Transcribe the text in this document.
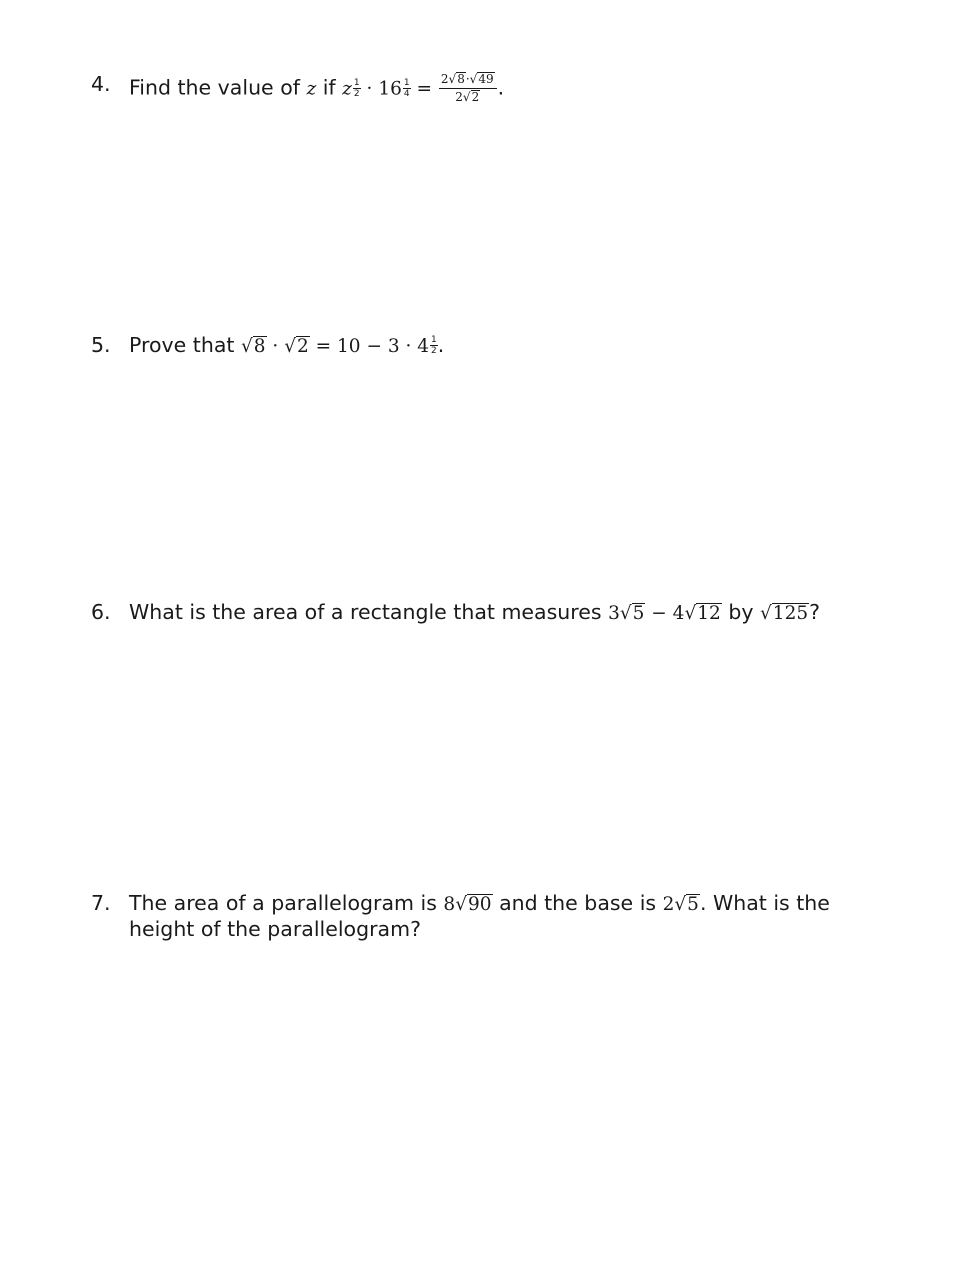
4. Find the value of z if z $\frac{1}{2} \cdot 16 \frac{1}{4} = \frac{2√8\cdot√49}{2√2}$ .
5. Prove that $√8 \cdot √2 = 10 - 3 \cdot 4 \frac{1}{2}$ .
6. What is the area of a rectangle that measures 3√5 − 4√12 by √125?
7. The area of a parallelogram is 8√90 and the base is 2√5. What is the
height of the parallelogram?
